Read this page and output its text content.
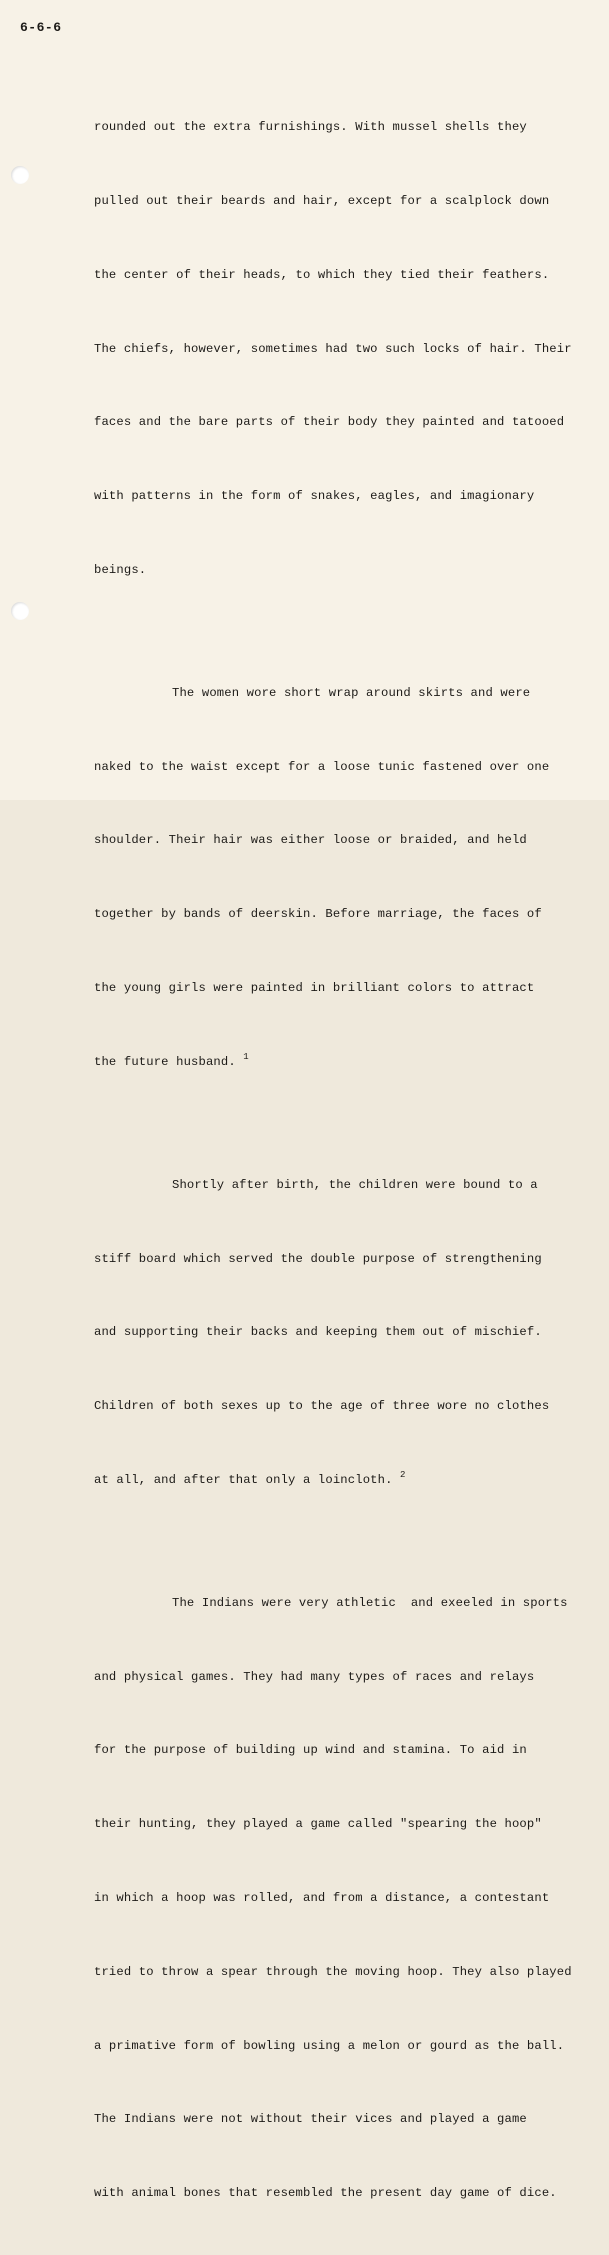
6-6-6

rounded out the extra furnishings. With mussel shells they

pulled out their beards and hair, except for a scalplock down

the center of their heads, to which they tied their feathers.

The chiefs, however, sometimes had two such locks of hair. Their

faces and the bare parts of their body they painted and tatooed

with patterns in the form of snakes, eagles, and imagionary

beings.

The women wore short wrap around skirts and were

naked to the waist except for a loose tunic fastened over one

shoulder. Their hair was either loose or braided, and held

together by bands of deerskin. Before marriage, the faces of

the young girls were painted in brilliant colors to attract

the future husband. $^1$

Shortly after birth, the children were bound to a

stiff board which served the double purpose of strengthening

and supporting their backs and keeping them out of mischief.

Children of both sexes up to the age of three wore no clothes

at all, and after that only a loincloth. $^2$

The Indians were very athletic  and exeeled in sports

and physical games. They had many types of races and relays

for the purpose of building up wind and stamina. To aid in

their hunting, they played a game called "spearing the hoop"

in which a hoop was rolled, and from a distance, a contestant

tried to throw a spear through the moving hoop. They also played

a primative form of bowling using a melon or gourd as the ball.

The Indians were not without their vices and played a game

with animal bones that resembled the present day game of dice.
